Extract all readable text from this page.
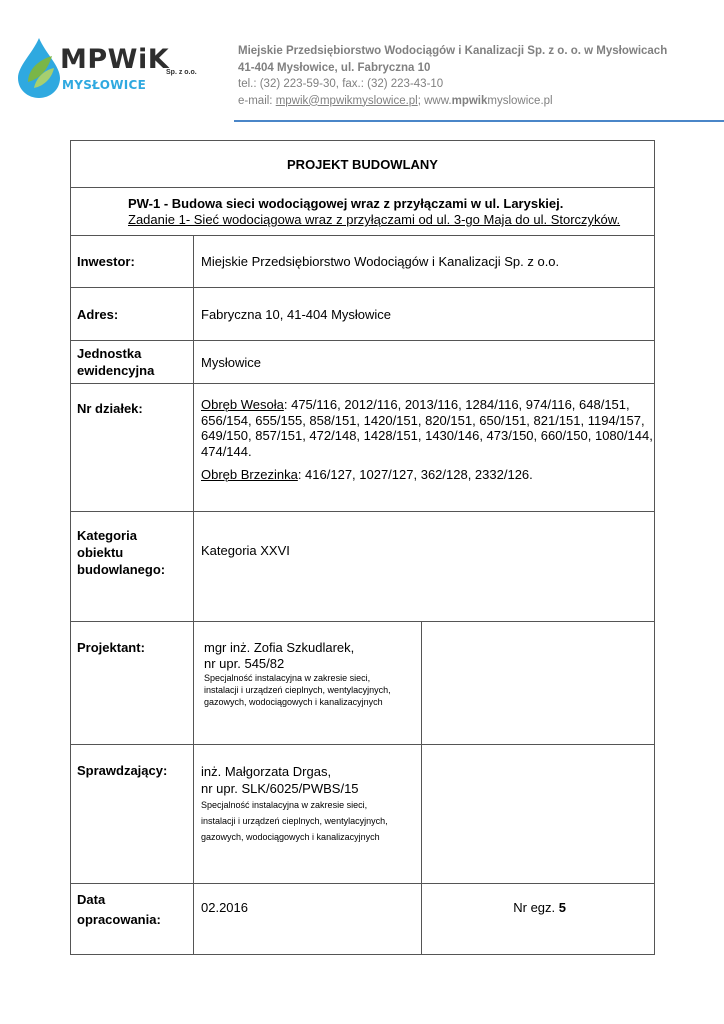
MPWiK
Sp. z o.o.
MYSŁOWICE
Miejskie Przedsiębiorstwo Wodociągów i Kanalizacji Sp. z o. o. w Mysłowicach
41-404 Mysłowice, ul. Fabryczna 10
tel.: (32) 223-59-30, fax.: (32) 223-43-10
e-mail: mpwik@mpwikmyslowice.pl; www.mpwikmyslowice.pl
PROJEKT BUDOWLANY		

PW-1 - Budowa sieci wodociągowej wraz z przyłączami w ul. Laryskiej.
Zadanie 1- Sieć wodociągowa wraz z przyłączami od ul. 3-go Maja do ul. Storczyków.		

Inwestor:	Miejskie Przedsiębiorstwo Wodociągów i Kanalizacji Sp. z o.o.	
Adres:	Fabryczna 10, 41-404 Mysłowice	

Jednostka
ewidencyjna	Mysłowice	
Nr działek:	Obręb Wesoła: 475/116, 2012/116, 2013/116, 1284/116, 974/116, 648/151, 656/154, 655/155, 858/151, 1420/151, 820/151, 650/151, 821/151, 1194/157, 649/150, 857/151, 472/148, 1428/151, 1430/146, 473/150, 660/150, 1080/144, 474/144.

Obręb Brzezinka: 416/127, 1027/127, 362/128, 2332/126.	

Kategoria
obiektu
budowlanego:	Kategoria XXVI	
Projektant:	mgr inż. Zofia Szkudlarek,
nr upr. 545/82
Specjalność instalacyjna w zakresie sieci,
instalacji i urządzeń cieplnych, wentylacyjnych,
gazowych, wodociągowych i kanalizacyjnych	

Sprawdzający:	inż. Małgorzata Drgas,
nr upr. SLK/6025/PWBS/15
Specjalność instalacyjna w zakresie sieci,
instalacji i urządzeń cieplnych, wentylacyjnych,
gazowych, wodociągowych i kanalizacyjnych	

Data
opracowania:	02.2016	Nr egz. 5
